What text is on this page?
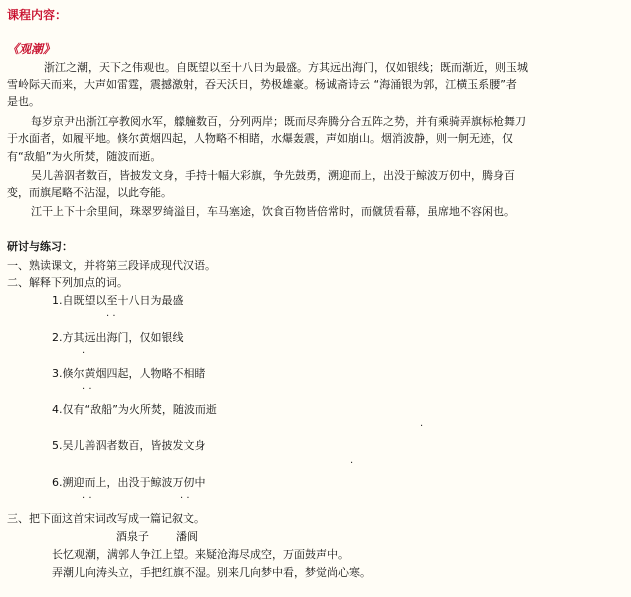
课程内容：
《观潮》
浙江之潮，天下之伟观也。自既望以至十八日为最盛。方其远出海门，仅如银线；既而渐近，则玉城
雪岭际天而来，大声如雷霆，震撼激射，吞天沃日，势极雄豪。杨诚斋诗云 “海涌银为郭，江横玉系腰”者
是也。
每岁京尹出浙江亭教阅水军，艨艟数百，分列两岸；既而尽奔腾分合五阵之势，并有乘骑弄旗标枪舞刀
于水面者，如履平地。倏尔黄烟四起，人物略不相睹，水爆轰震，声如崩山。烟消波静，则一舸无迹，仅
有“敌船”为火所焚，随波而逝。
吴儿善泅者数百，皆披发文身，手持十幅大彩旗，争先鼓勇，溯迎而上，出没于鲸波万仞中，腾身百
变，而旗尾略不沾湿，以此夸能。
江干上下十余里间，珠翠罗绮溢目，车马塞途，饮食百物皆倍常时，而僦赁看幕，虽席地不容闲也。
研讨与练习：
一、熟读课文，并将第三段译成现代汉语。
二、解释下列加点的词。
1.自既望以至十八日为最盛
· ·
2.方其远出海门，仅如银线
·
3.倏尔黄烟四起，人物略不相睹
· ·
4.仅有“敌船”为火所焚，随波而逝
·
5.吴儿善泅者数百，皆披发文身
·
6.溯迎而上，出没于鲸波万仞中
· ·	· ·
三、把下面这首宋词改写成一篇记叙文。
酒泉子 潘阆
长忆观潮，满郭人争江上望。来疑沧海尽成空，万面鼓声中。
弄潮儿向涛头立，手把红旗不湿。别来几向梦中看，梦觉尚心寒。
